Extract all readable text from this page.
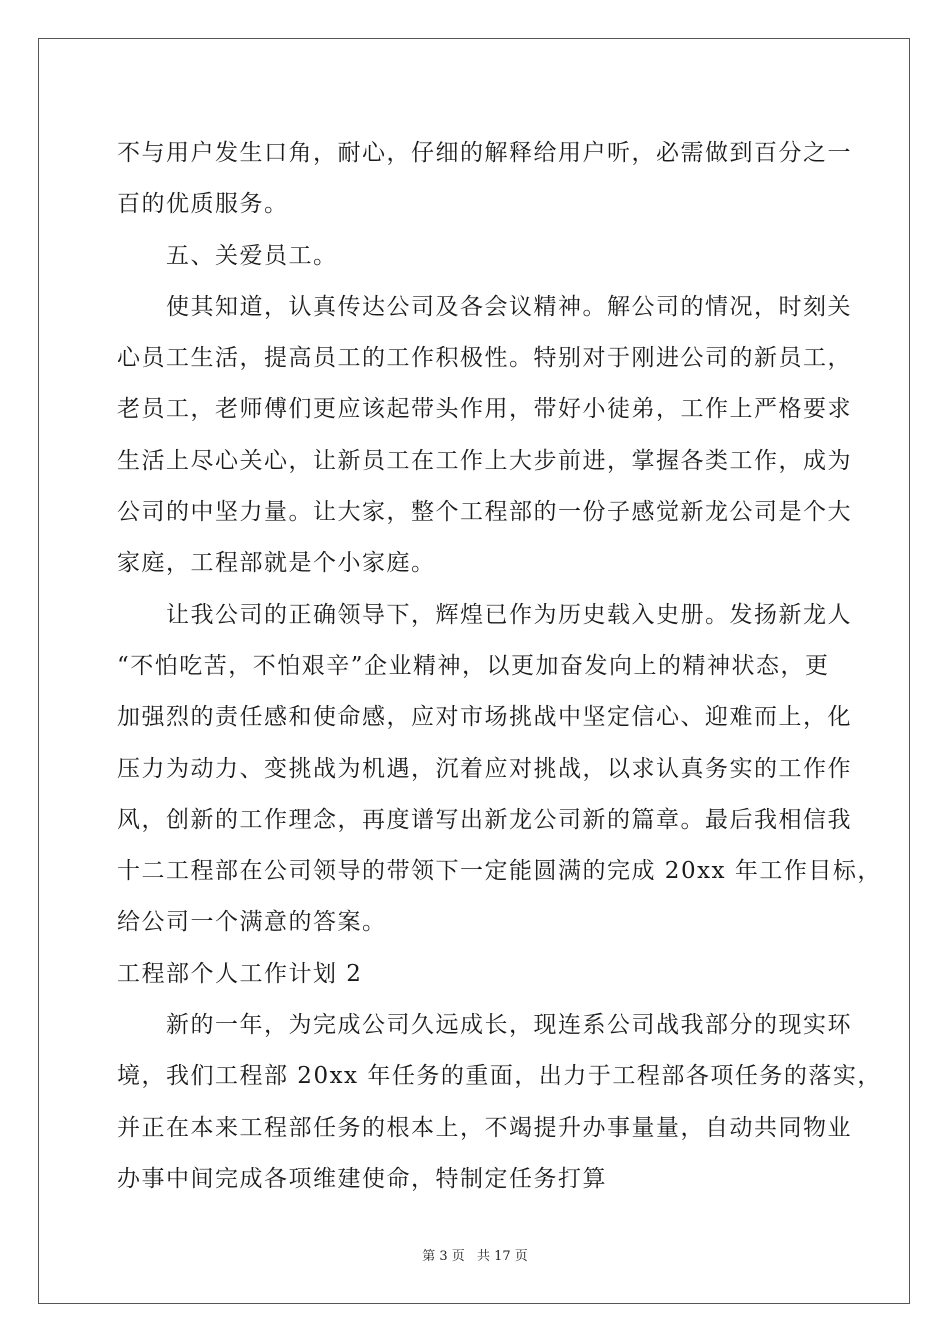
不与用户发生口角，耐心，仔细的解释给用户听，必需做到百分之一
百的优质服务。
　　五、关爱员工。
　　使其知道，认真传达公司及各会议精神。解公司的情况，时刻关
心员工生活，提高员工的工作积极性。特别对于刚进公司的新员工，
老员工，老师傅们更应该起带头作用，带好小徒弟，工作上严格要求
生活上尽心关心，让新员工在工作上大步前进，掌握各类工作，成为
公司的中坚力量。让大家，整个工程部的一份子感觉新龙公司是个大
家庭，工程部就是个小家庭。
　　让我公司的正确领导下，辉煌已作为历史载入史册。发扬新龙人
“不怕吃苦，不怕艰辛”企业精神，以更加奋发向上的精神状态，更
加强烈的责任感和使命感，应对市场挑战中坚定信心、迎难而上，化
压力为动力、变挑战为机遇，沉着应对挑战，以求认真务实的工作作
风，创新的工作理念，再度谱写出新龙公司新的篇章。最后我相信我
十二工程部在公司领导的带领下一定能圆满的完成 20xx 年工作目标，
给公司一个满意的答案。
工程部个人工作计划 2
　　新的一年，为完成公司久远成长，现连系公司战我部分的现实环
境，我们工程部 20xx 年任务的重面，出力于工程部各项任务的落实，
并正在本来工程部任务的根本上，不竭提升办事量量，自动共同物业
办事中间完成各项维建使命，特制定任务打算
第 3 页 共 17 页
